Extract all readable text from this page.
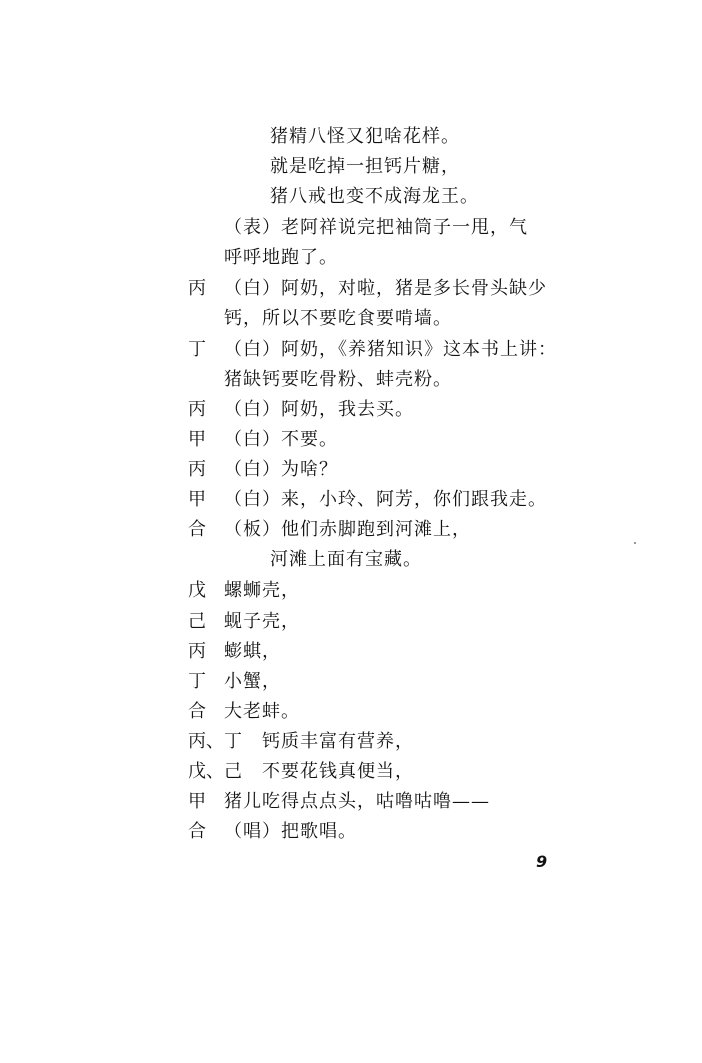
猪精八怪又犯啥花样。
就是吃掉一担钙片糖，
猪八戒也变不成海龙王。
（表）老阿祥说完把袖筒子一甩，气
呼呼地跑了。
丙 （白）阿奶，对啦，猪是多长骨头缺少
钙，所以不要吃食要啃墙。
丁 （白）阿奶，《养猪知识》这本书上讲：
猪缺钙要吃骨粉、蚌壳粉。
丙 （白）阿奶，我去买。
甲 （白）不要。
丙 （白）为啥？
甲 （白）来，小玲、阿芳，你们跟我走。
合 （板）他们赤脚跑到河滩上，
河滩上面有宝藏。
戊 螺蛳壳，
己 蚬子壳，
丙 蟛蜞，
丁 小蟹，
合 大老蚌。
丙、丁 钙质丰富有营养，
戊、己 不要花钱真便当，
甲 猪儿吃得点点头，咕噜咕噜——
合 （唱）把歌唱。
9
